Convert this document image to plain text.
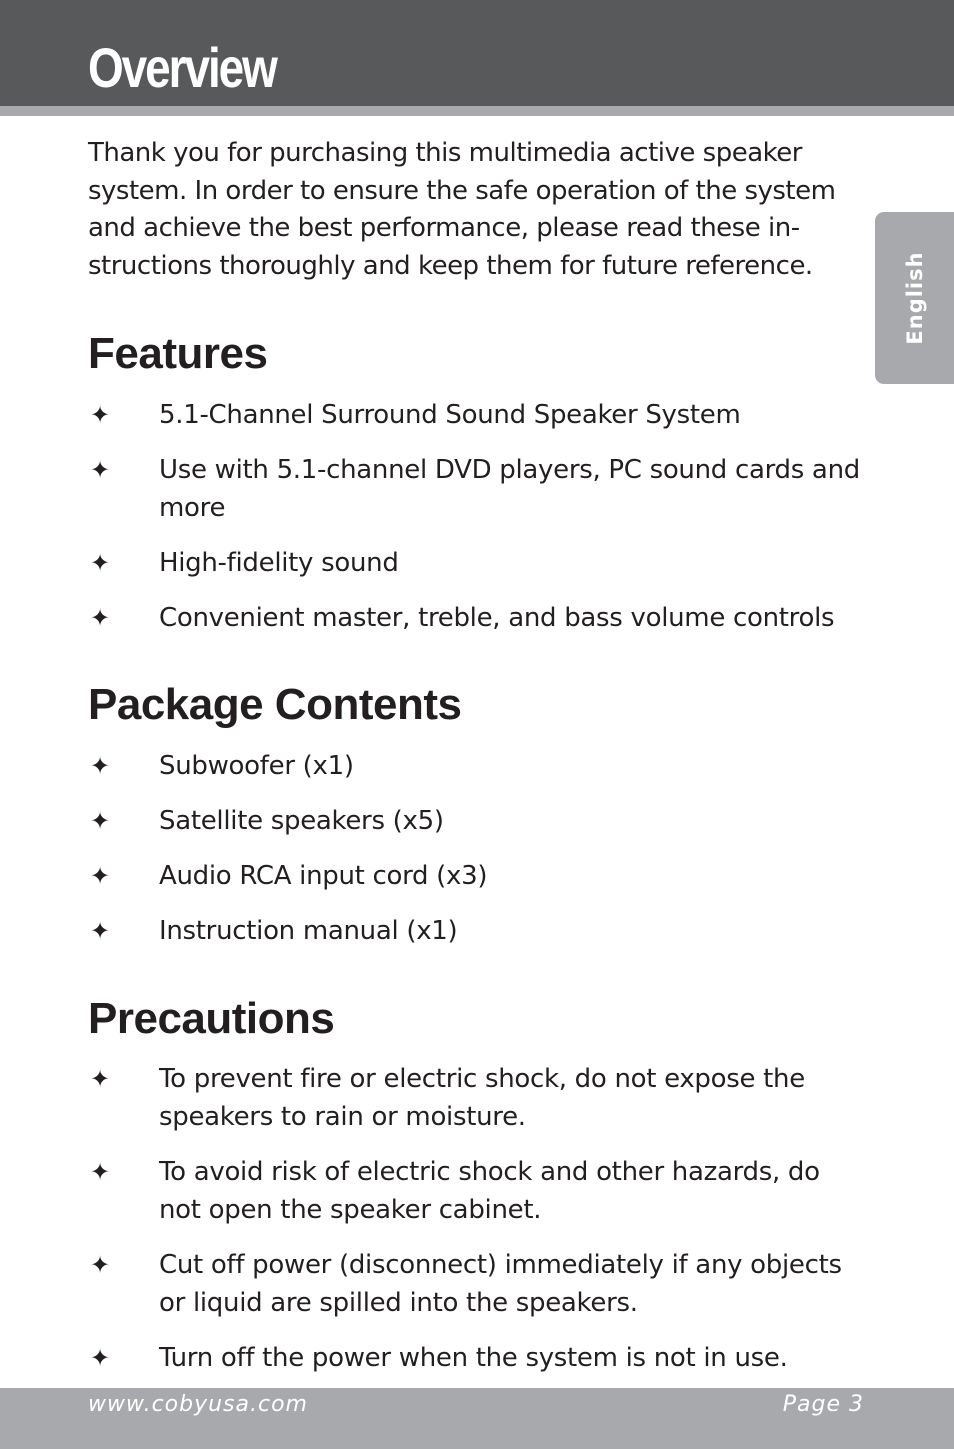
Overview
English

Thank you for purchasing this multimedia active speaker system. In order to ensure the safe operation of the system and achieve the best performance, please read these in-structions thoroughly and keep them for future reference.

Features
✦ 5.1-Channel Surround Sound Speaker System
✦ Use with 5.1-channel DVD players, PC sound cards and more
✦ High-fidelity sound
✦ Convenient master, treble, and bass volume controls
Package Contents
✦ Subwoofer (x1)
✦ Satellite speakers (x5)
✦ Audio RCA input cord (x3)
✦ Instruction manual (x1)
Precautions
✦ To prevent fire or electric shock, do not expose the speakers to rain or moisture.
✦ To avoid risk of electric shock and other hazards, do not open the speaker cabinet.
✦ Cut off power (disconnect) immediately if any objects or liquid are spilled into the speakers.
✦ Turn off the power when the system is not in use.
www.cobyusa.com	Page 3
